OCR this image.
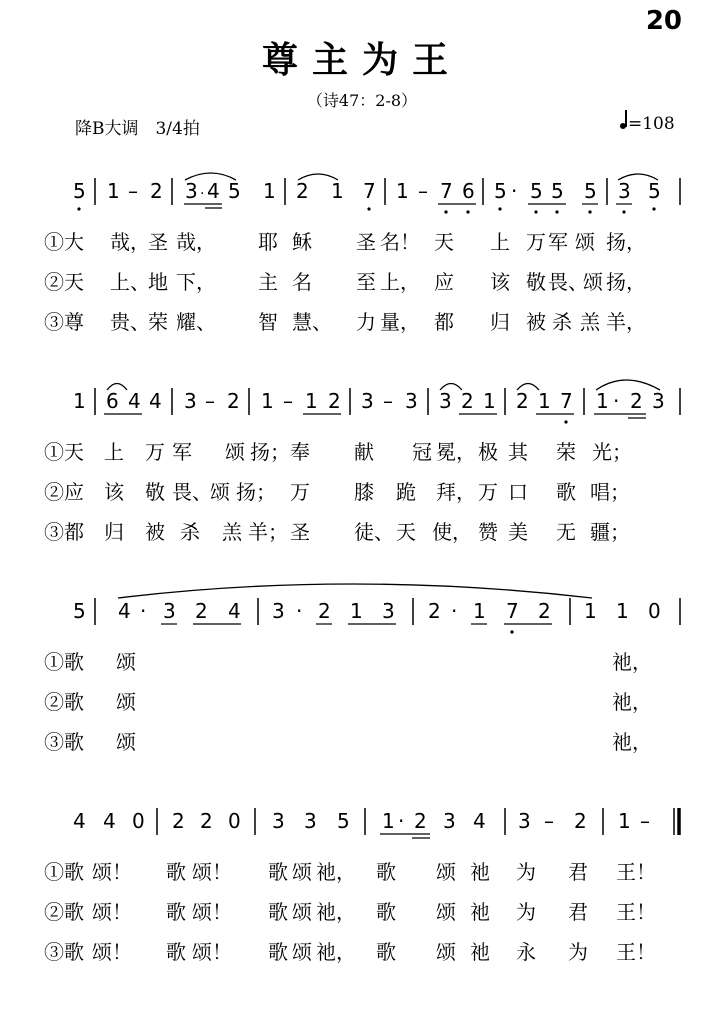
20
尊主为王
（诗47：2-8）
降B大调　3/4拍	=108
5 1 – 2 3 · 4 5 1 2 1 7 1 – 7 6 5 · 5 5 5 3 5
1 6 4 4 3 – 2 1 – 1 2 3 – 3 3 2 1 2 1 7 1 · 2 3
5 4 · 3 2 4 3 · 2 1 3 2 · 1 7 2 1 1 0
4 4 0 2 2 0 3 3 5 1 · 2 3 4 3 – 2 1 –
①大 哉，
圣 哉， 耶 稣 圣 名！ 天 上 万 军 颂 扬，
②天 上、
地 下， 主 名 至 上， 应 该 敬 畏、
颂 扬，
③尊 贵、
荣 耀、 智 慧、 力 量， 都 归 被 杀 羔 羊，
①天 上 万 军 颂 扬； 奉 献 冠 冕， 极 其 荣 光；
②应 该 敬 畏、
颂 扬； 万 膝 跪 拜， 万 口 歌 唱；
③都 归 被 杀 羔 羊； 圣 徒、 天 使， 赞 美 无 疆；
①歌 颂	祂，
②歌 颂	祂，
③歌 颂	祂，
①歌 颂！ 歌 颂！ 歌 颂 祂， 歌 颂 祂 为 君 王！
②歌 颂！ 歌 颂！ 歌 颂 祂， 歌 颂 祂 为 君 王！
③歌 颂！ 歌 颂！ 歌 颂 祂， 歌 颂 祂 永 为 王！
